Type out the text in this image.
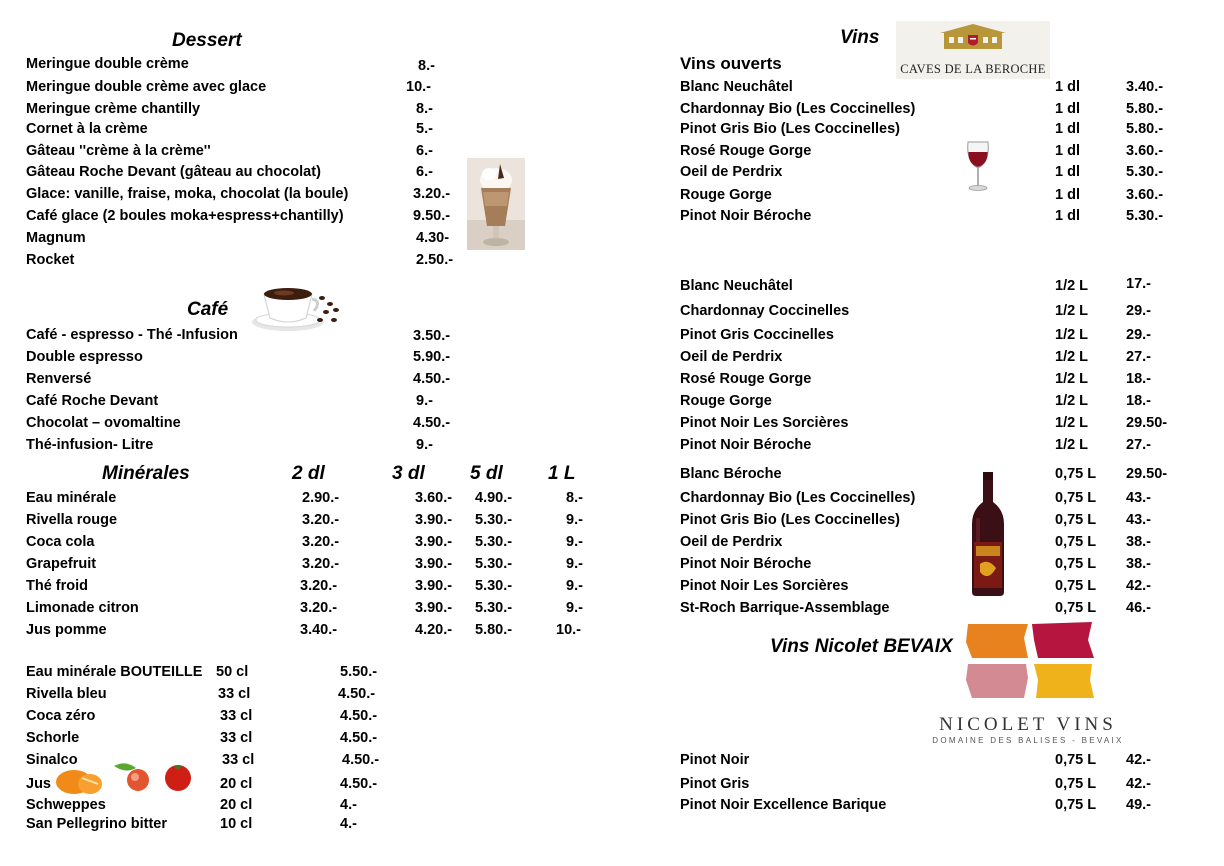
Dessert
Meringue double crème	8.-
Meringue double crème avec glace	10.-
Meringue crème chantilly	8.-
Cornet à la crème	5.-
Gâteau ''crème à la crème''	6.-
Gâteau Roche Devant (gâteau au chocolat)	6.-
Glace: vanille, fraise, moka, chocolat (la boule)	3.20.-
Café glace (2 boules moka+espress+chantilly)	9.50.-
Magnum	4.30-
Rocket	2.50.-
Café
Café - espresso - Thé -Infusion	3.50.-
Double espresso	5.90.-
Renversé	4.50.-
Café Roche Devant	9.-
Chocolat – ovomaltine	4.50.-
Thé-infusion- Litre	9.-
Minérales	2 dl	3 dl 5 dl 1 L
Eau minérale	2.90.-	3.60.- 4.90.-	8.-
Rivella rouge	3.20.-	3.90.- 5.30.-	9.-
Coca cola	3.20.-	3.90.- 5.30.-	9.-
Grapefruit	3.20.-	3.90.- 5.30.-	9.-
Thé froid	3.20.-	3.90.- 5.30.-	9.-
Limonade citron	3.20.-	3.90.- 5.30.-	9.-
Jus pomme	3.40.-	4.20.- 5.80.-	10.-
Eau minérale BOUTEILLE 50 cl	5.50.-
Rivella bleu	33 cl	4.50.-
Coca zéro	33 cl	4.50.-
Schorle	33 cl	4.50.-
Sinalco	33 cl	4.50.-
Jus	20 cl	4.50.-
Schweppes	20 cl	4.-
San Pellegrino bitter	10 cl	4.-
Vins
CAVES DE LA BEROCHE
Vins ouverts
Blanc Neuchâtel	1 dl	3.40.-
Chardonnay Bio (Les Coccinelles)	1 dl	5.80.-
Pinot Gris Bio (Les Coccinelles)	1 dl	5.80.-
Rosé Rouge Gorge	1 dl	3.60.-
Oeil de Perdrix	1 dl	5.30.-
Rouge Gorge	1 dl	3.60.-
Pinot Noir Béroche	1 dl	5.30.-
Blanc Neuchâtel	1/2 L	17.-
Chardonnay Coccinelles	1/2 L	29.-
Pinot Gris Coccinelles	1/2 L	29.-
Oeil de Perdrix	1/2 L	27.-
Rosé Rouge Gorge	1/2 L	18.-
Rouge Gorge	1/2 L	18.-
Pinot Noir Les Sorcières	1/2 L	29.50-
Pinot Noir Béroche	1/2 L	27.-
Blanc Béroche	0,75 L 29.50-
Chardonnay Bio (Les Coccinelles)	0,75 L 43.-
Pinot Gris Bio (Les Coccinelles)	0,75 L 43.-
Oeil de Perdrix	0,75 L 38.-
Pinot Noir Béroche	0,75 L 38.-
Pinot Noir Les Sorcières	0,75 L 42.-
St-Roch Barrique-Assemblage	0,75 L 46.-
Vins Nicolet BEVAIX
NICOLET VINS
DOMAINE DES BALISES - BEVAIX
Pinot Noir	0,75 L 42.-
Pinot Gris	0,75 L 42.-
Pinot Noir Excellence Barique	0,75 L 49.-
